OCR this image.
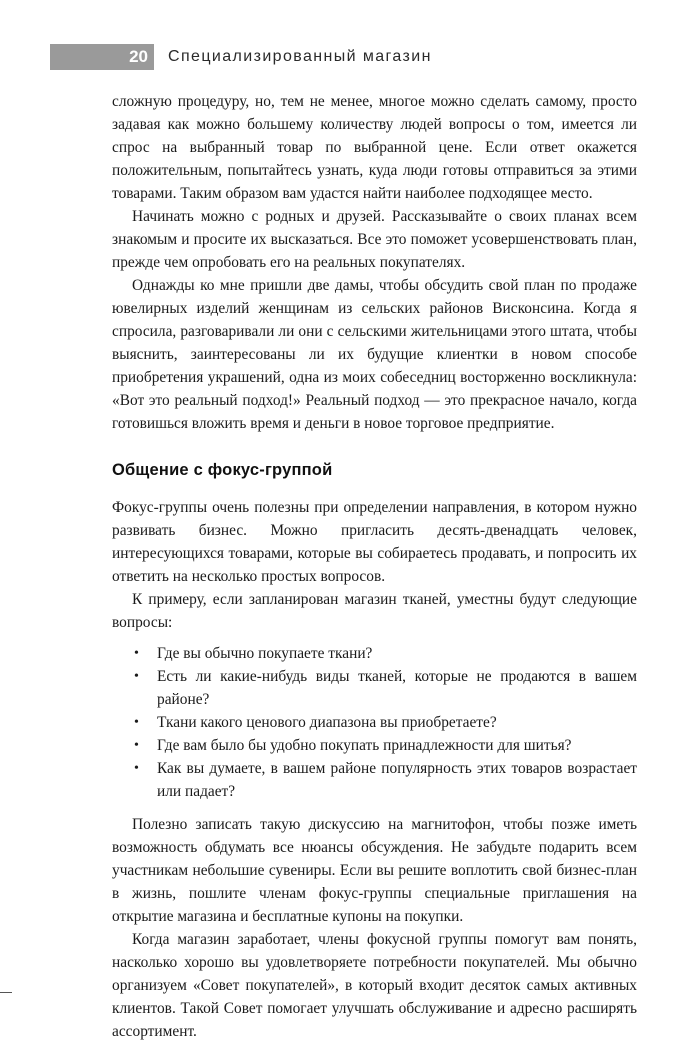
20 Специализированный магазин

сложную процедуру, но, тем не менее, многое можно сделать самому, просто задавая как можно большему количеству людей вопросы о том, имеется ли спрос на выбранный товар по выбранной цене. Если ответ окажется положительным, попытайтесь узнать, куда люди готовы отправиться за этими товарами. Таким образом вам удастся найти наиболее подходящее место.

Начинать можно с родных и друзей. Рассказывайте о своих планах всем знакомым и просите их высказаться. Все это поможет усовершенствовать план, прежде чем опробовать его на реальных покупателях.

Однажды ко мне пришли две дамы, чтобы обсудить свой план по продаже ювелирных изделий женщинам из сельских районов Висконсина. Когда я спросила, разговаривали ли они с сельскими жительницами этого штата, чтобы выяснить, заинтересованы ли их будущие клиентки в новом способе приобретения украшений, одна из моих собеседниц восторженно воскликнула: «Вот это реальный подход!» Реальный подход — это прекрасное начало, когда готовишься вложить время и деньги в новое торговое предприятие.

Общение с фокус-группой

Фокус-группы очень полезны при определении направления, в котором нужно развивать бизнес. Можно пригласить десять-двенадцать человек, интересующихся товарами, которые вы собираетесь продавать, и попросить их ответить на несколько простых вопросов.

К примеру, если запланирован магазин тканей, уместны будут следующие вопросы:

• Где вы обычно покупаете ткани?
• Есть ли какие-нибудь виды тканей, которые не продаются в вашем районе?
• Ткани какого ценового диапазона вы приобретаете?
• Где вам было бы удобно покупать принадлежности для шитья?
• Как вы думаете, в вашем районе популярность этих товаров возрастает или падает?

Полезно записать такую дискуссию на магнитофон, чтобы позже иметь возможность обдумать все нюансы обсуждения. Не забудьте подарить всем участникам небольшие сувениры. Если вы решите воплотить свой бизнес-план в жизнь, пошлите членам фокус-группы специальные приглашения на открытие магазина и бесплатные купоны на покупки.

Когда магазин заработает, члены фокусной группы помогут вам понять, насколько хорошо вы удовлетворяете потребности покупателей. Мы обычно организуем «Совет покупателей», в который входит десяток самых активных клиентов. Такой Совет помогает улучшать обслуживание и адресно расширять ассортимент.
